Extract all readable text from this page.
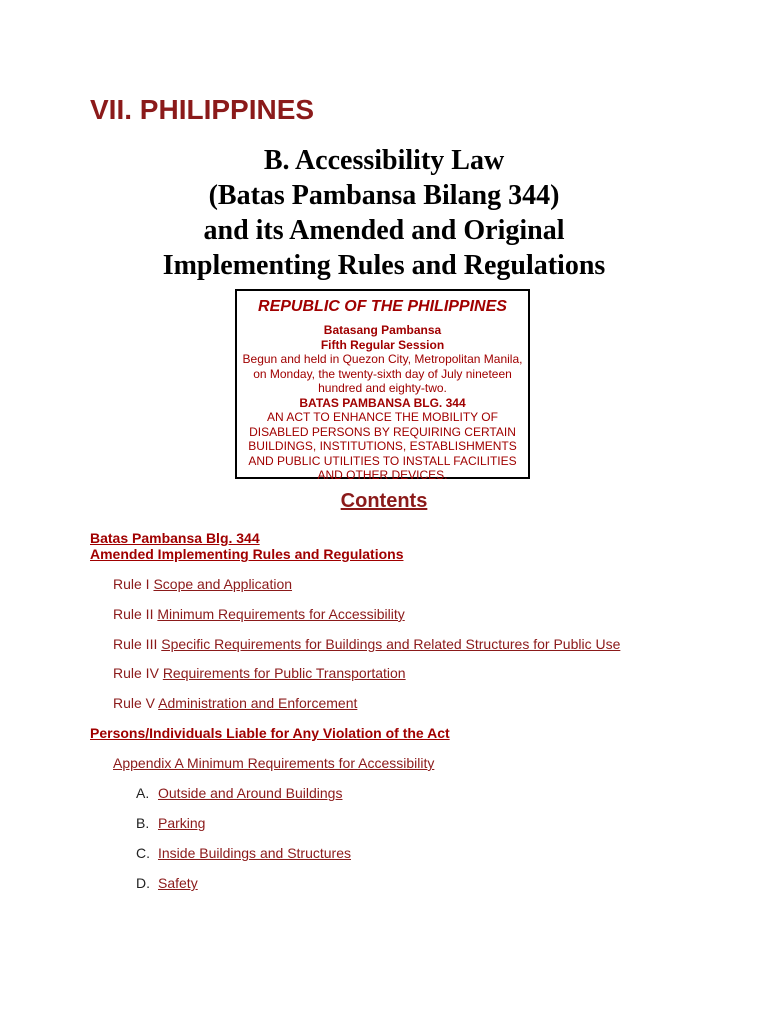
VII. PHILIPPINES
B. Accessibility Law
(Batas Pambansa Bilang 344)
and its Amended and Original
Implementing Rules and Regulations
REPUBLIC OF THE PHILIPPINES
Batasang Pambansa
Fifth Regular Session
Begun and held in Quezon City, Metropolitan Manila, on Monday, the twenty-sixth day of July nineteen hundred and eighty-two.
BATAS PAMBANSA BLG. 344
AN ACT TO ENHANCE THE MOBILITY OF DISABLED PERSONS BY REQUIRING CERTAIN BUILDINGS, INSTITUTIONS, ESTABLISHMENTS AND PUBLIC UTILITIES TO INSTALL FACILITIES AND OTHER DEVICES.
Contents
Batas Pambansa Blg. 344
Amended Implementing Rules and Regulations
Rule I Scope and Application
Rule II Minimum Requirements for Accessibility
Rule III Specific Requirements for Buildings and Related Structures for Public Use
Rule IV Requirements for Public Transportation
Rule V Administration and Enforcement
Persons/Individuals Liable for Any Violation of the Act
Appendix A Minimum Requirements for Accessibility
A. Outside and Around Buildings
B. Parking
C. Inside Buildings and Structures
D. Safety
